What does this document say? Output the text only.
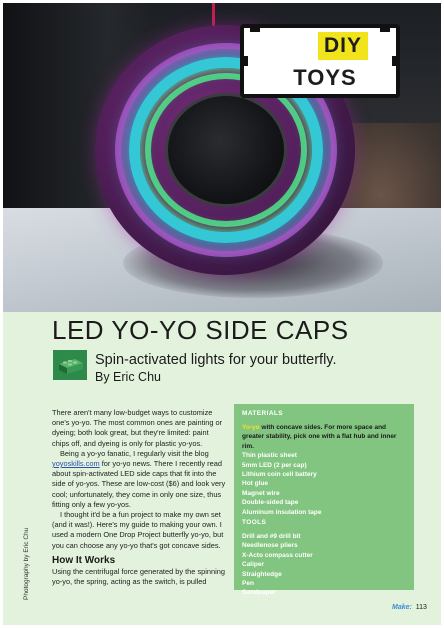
DIY
TOYS
LED YO-YO SIDE CAPS
Spin-activated lights for your butterfly.
By Eric Chu
Photography by Eric Chu

There aren't many low-budget ways to customize one's yo-yo. The most common ones are painting or dyeing; both look great, but they're limited: paint chips off, and dyeing is only for plastic yo-yos.

Being a yo-yo fanatic, I regularly visit the blog yoyoskills.com for yo-yo news. There I recently read about spin-activated LED side caps that fit into the side of yo-yos. These are low-cost ($6) and look very cool; unfortunately, they come in only one size, thus fitting only a few yo-yos.

I thought it'd be a fun project to make my own set (and it was!). Here's my guide to making your own. I used a modern One Drop Project butterfly yo-yo, but you can choose any yo-yo that's got concave sides.

How It Works

Using the centrifugal force generated by the spinning yo-yo, the spring, acting as the switch, is pulled

MATERIALS
Yo-yo with concave sides. For more space and greater stability, pick one with a flat hub and inner rim.
Thin plastic sheet
5mm LED (2 per cap)
Lithium coin cell battery
Hot glue
Magnet wire
Double-sided tape
Aluminum insulation tape
TOOLS
Drill and #9 drill bit
Needlenose pliers
X-Acto compass cutter
Caliper
Straightedge
Pen
Sandpaper
Make: 113
